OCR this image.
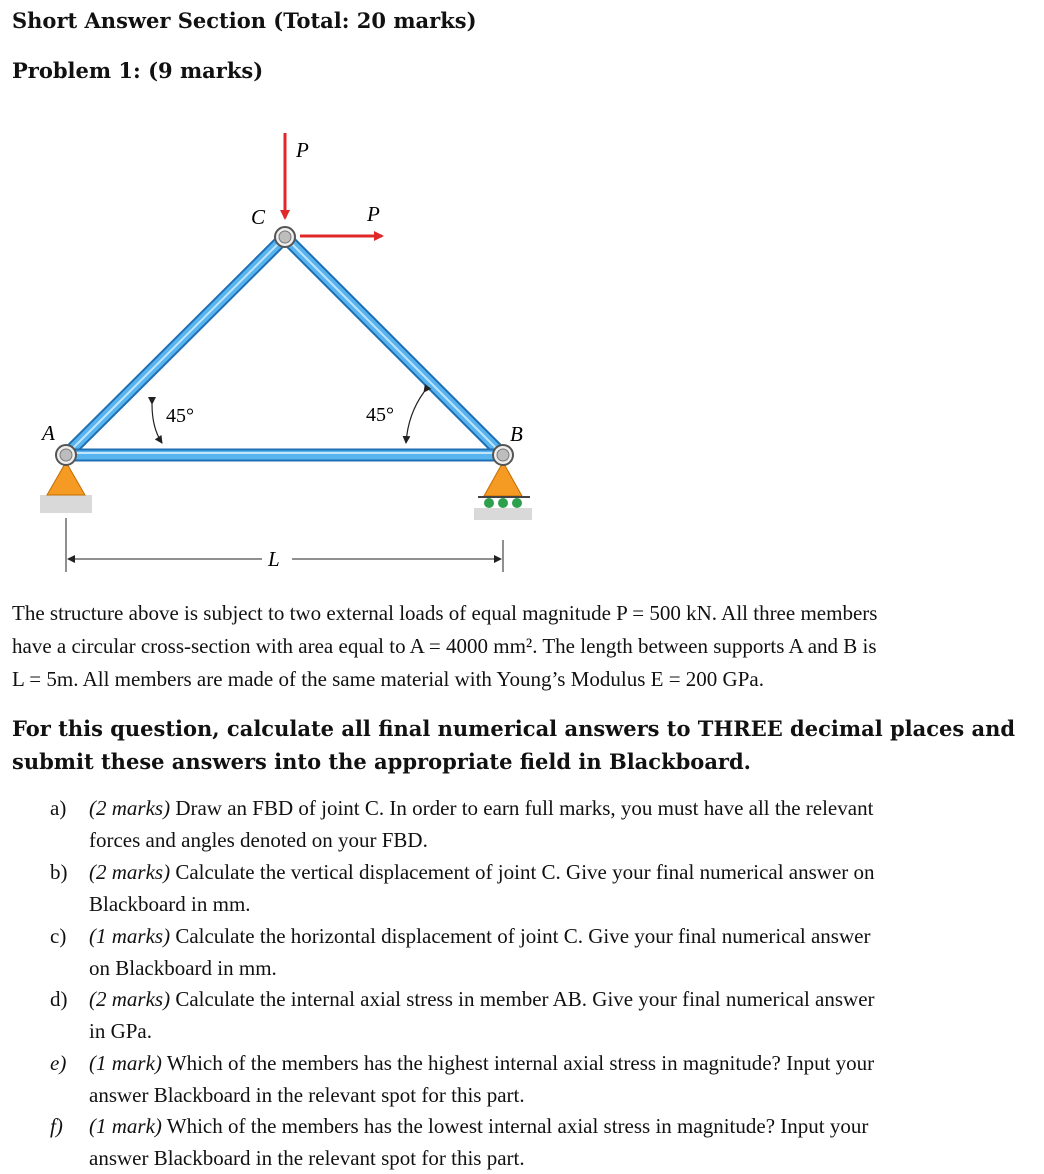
Short Answer Section (Total: 20 marks)
Problem 1: (9 marks)
A	B
C
P
P
45°	45°
L
The structure above is subject to two external loads of equal magnitude P = 500 kN. All three members
have a circular cross-section with area equal to A = 4000 mm². The length between supports A and B is
L = 5m. All members are made of the same material with Young’s Modulus E = 200 GPa.
For this question, calculate all final numerical answers to THREE decimal places and
submit these answers into the appropriate field in Blackboard.
a) (2 marks) Draw an FBD of joint C. In order to earn full marks, you must have all the relevant
forces and angles denoted on your FBD.
b) (2 marks) Calculate the vertical displacement of joint C. Give your final numerical answer on
Blackboard in mm.
c) (1 marks) Calculate the horizontal displacement of joint C. Give your final numerical answer
on Blackboard in mm.
d) (2 marks) Calculate the internal axial stress in member AB. Give your final numerical answer
in GPa.
e) (1 mark) Which of the members has the highest internal axial stress in magnitude? Input your
answer Blackboard in the relevant spot for this part.
f) (1 mark) Which of the members has the lowest internal axial stress in magnitude? Input your
answer Blackboard in the relevant spot for this part.
